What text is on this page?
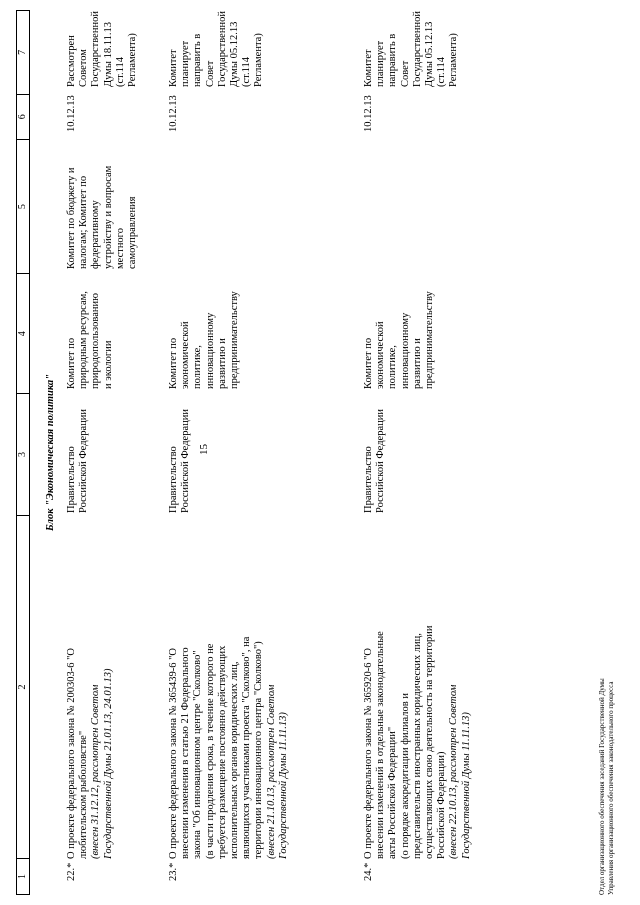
15
1
2
3
4
5
6
7
Блок "Экономическая политика"
22.*
О проекте федерального закона № 200303-6 "О любительском рыболовстве" (внесен 31.12.12, рассмотрен Советом Государственной Думы 21.01.13, 24.01.13)
Правительство Российской Федерации
Комитет по природным ресурсам, природопользованию и экологии
Комитет по бюджету и налогам; Комитет по федеративному устройству и вопросам местного самоуправления
10.12.13
Рассмотрен Советом Государственной Думы 18.11.13 (ст.114 Регламента)
23.*
О проекте федерального закона № 365439-6 "О внесении изменения в статью 21 Федерального закона "Об инновационном центре "Сколково" (в части продления срока, в течение которого не требуется размещение постоянно действующих исполнительных органов юридических лиц, являющихся участниками проекта "Сколково", на территории инновационного центра "Сколково") (внесен 21.10.13, рассмотрен Советом Государственной Думы 11.11.13)
Правительство Российской Федерации
Комитет по экономической политике, инновационному развитию и предпринимательству
10.12.13
Комитет планирует направить в Совет Государственной Думы 05.12.13 (ст.114 Регламента)
24.*
О проекте федерального закона № 365920-6 "О внесении изменений в отдельные законодательные акты Российской Федерации" (о порядке аккредитации филиалов и представительств иностранных юридических лиц, осуществляющих свою деятельность на территории Российской Федерации) (внесен 22.10.13, рассмотрен Советом Государственной Думы 11.11.13)
Правительство Российской Федерации
Комитет по экономической политике, инновационному развитию и предпринимательству
10.12.13
Комитет планирует направить в Совет Государственной Думы 05.12.13 (ст.114 Регламента)
Отдел организационного обеспечения заседаний Государственной Думы Управления организационного обеспечения законодательного процесса
